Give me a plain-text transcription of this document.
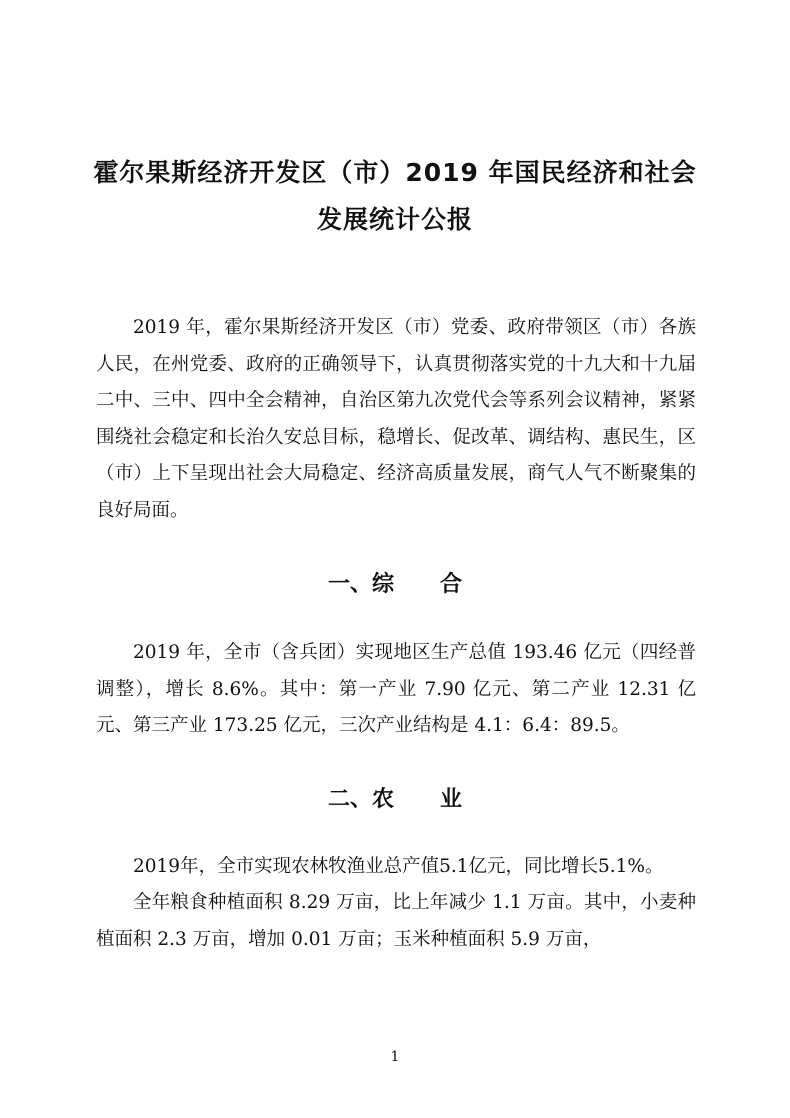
霍尔果斯经济开发区（市）2019 年国民经济和社会
发展统计公报

2019 年，霍尔果斯经济开发区（市）党委、政府带领区（市）各族人民，在州党委、政府的正确领导下，认真贯彻落实党的十九大和十九届二中、三中、四中全会精神，自治区第九次党代会等系列会议精神，紧紧围绕社会稳定和长治久安总目标，稳增长、促改革、调结构、惠民生，区（市）上下呈现出社会大局稳定、经济高质量发展，商气人气不断聚集的良好局面。

一、综      合

2019 年，全市（含兵团）实现地区生产总值 193.46 亿元（四经普调整），增长 8.6%。其中：第一产业 7.90 亿元、第二产业 12.31 亿元、第三产业 173.25 亿元，三次产业结构是 4.1：6.4：89.5。

二、农      业

2019年，全市实现农林牧渔业总产值5.1亿元，同比增长5.1%。

全年粮食种植面积 8.29 万亩，比上年减少 1.1 万亩。其中，小麦种植面积 2.3 万亩，增加 0.01 万亩；玉米种植面积 5.9 万亩，

1
